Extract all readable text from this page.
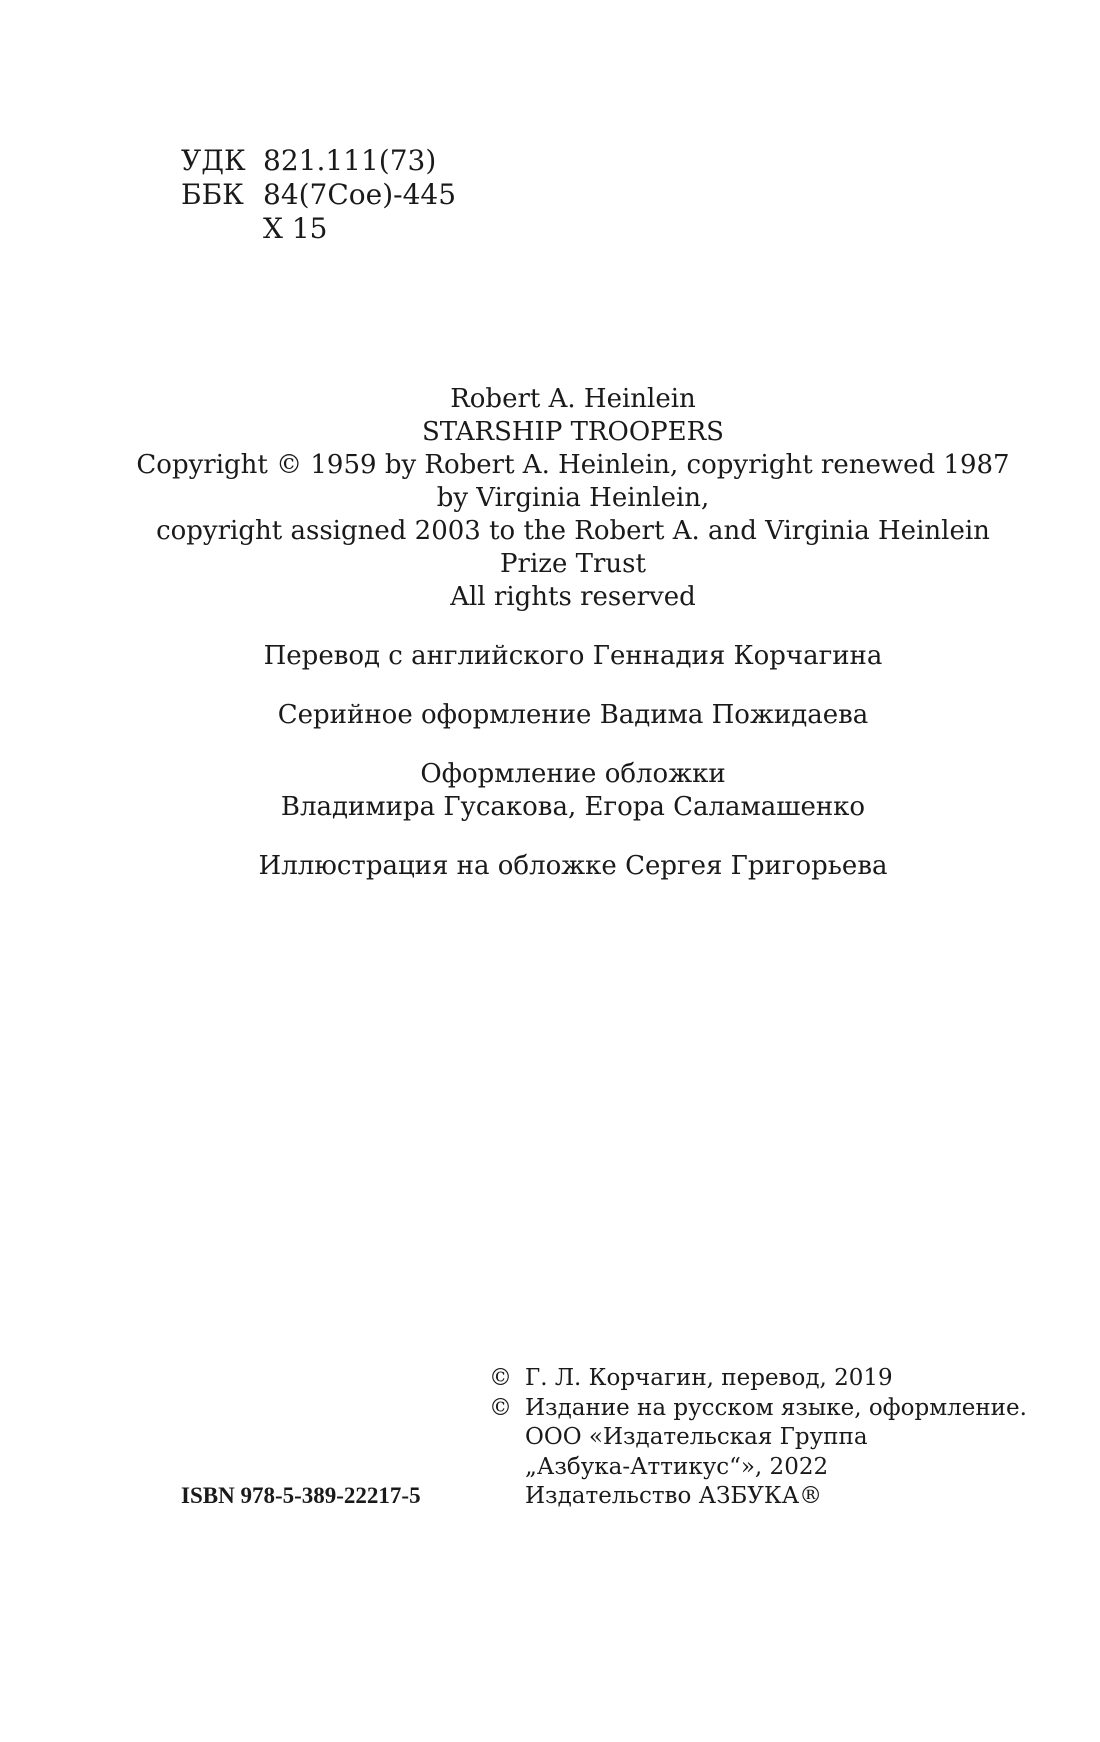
УДК 821.111(73)
ББК 84(7Сое)-445
Х 15
Robert A. Heinlein
STARSHIP TROOPERS
Copyright © 1959 by Robert A. Heinlein, copyright renewed 1987
by Virginia Heinlein,
copyright assigned 2003 to the Robert A. and Virginia Heinlein
Prize Trust
All rights reserved
Перевод с английского Геннадия Корчагина
Серийное оформление Вадима Пожидаева
Оформление обложки
Владимира Гусакова, Егора Саламашенко
Иллюстрация на обложке Сергея Григорьева
© Г. Л. Корчагин, перевод, 2019
© Издание на русском языке, оформление.
ООО «Издательская Группа
„Азбука-Аттикус“», 2022
Издательство АЗБУКА®
ISBN 978-5-389-22217-5
